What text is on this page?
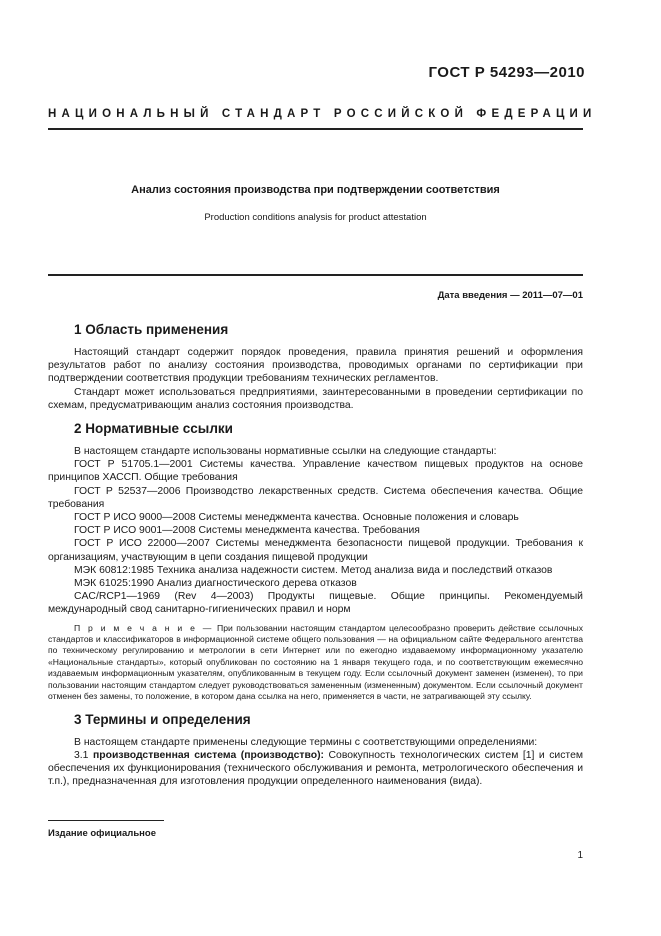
ГОСТ Р 54293—2010
НАЦИОНАЛЬНЫЙ СТАНДАРТ РОССИЙСКОЙ ФЕДЕРАЦИИ
Анализ состояния производства при подтверждении соответствия
Production conditions analysis for product attestation
Дата введения — 2011—07—01
1 Область применения

Настоящий стандарт содержит порядок проведения, правила принятия решений и оформления результатов работ по анализу состояния производства, проводимых органами по сертификации при подтверждении соответствия продукции требованиям технических регламентов.

Стандарт может использоваться предприятиями, заинтересованными в проведении сертификации по схемам, предусматривающим анализ состояния производства.

2 Нормативные ссылки

В настоящем стандарте использованы нормативные ссылки на следующие стандарты:

ГОСТ Р 51705.1—2001 Системы качества. Управление качеством пищевых продуктов на основе принципов ХАССП. Общие требования

ГОСТ Р 52537—2006 Производство лекарственных средств. Система обеспечения качества. Общие требования

ГОСТ Р ИСО 9000—2008 Системы менеджмента качества. Основные положения и словарь

ГОСТ Р ИСО 9001—2008 Системы менеджмента качества. Требования

ГОСТ Р ИСО 22000—2007 Системы менеджмента безопасности пищевой продукции. Требования к организациям, участвующим в цепи создания пищевой продукции

МЭК 60812:1985 Техника анализа надежности систем. Метод анализа вида и последствий отказов

МЭК 61025:1990 Анализ диагностического дерева отказов

CAC/RCP1—1969 (Rev 4—2003) Продукты пищевые. Общие принципы. Рекомендуемый международный свод санитарно-гигиенических правил и норм

П р и м е ч а н и е — При пользовании настоящим стандартом целесообразно проверить действие ссылочных стандартов и классификаторов в информационной системе общего пользования — на официальном сайте Федерального агентства по техническому регулированию и метрологии в сети Интернет или по ежегодно издаваемому информационному указателю «Национальные стандарты», который опубликован по состоянию на 1 января текущего года, и по соответствующим ежемесячно издаваемым информационным указателям, опубликованным в текущем году. Если ссылочный документ заменен (изменен), то при пользовании настоящим стандартом следует руководствоваться замененным (измененным) документом. Если ссылочный документ отменен без замены, то положение, в котором дана ссылка на него, применяется в части, не затрагивающей эту ссылку.
3 Термины и определения

В настоящем стандарте применены следующие термины с соответствующими определениями:

3.1 производственная система (производство): Совокупность технологических систем [1] и систем обеспечения их функционирования (технического обслуживания и ремонта, метрологического обеспечения и т.п.), предназначенная для изготовления продукции определенного наименования (вида).

Издание официальное
1
